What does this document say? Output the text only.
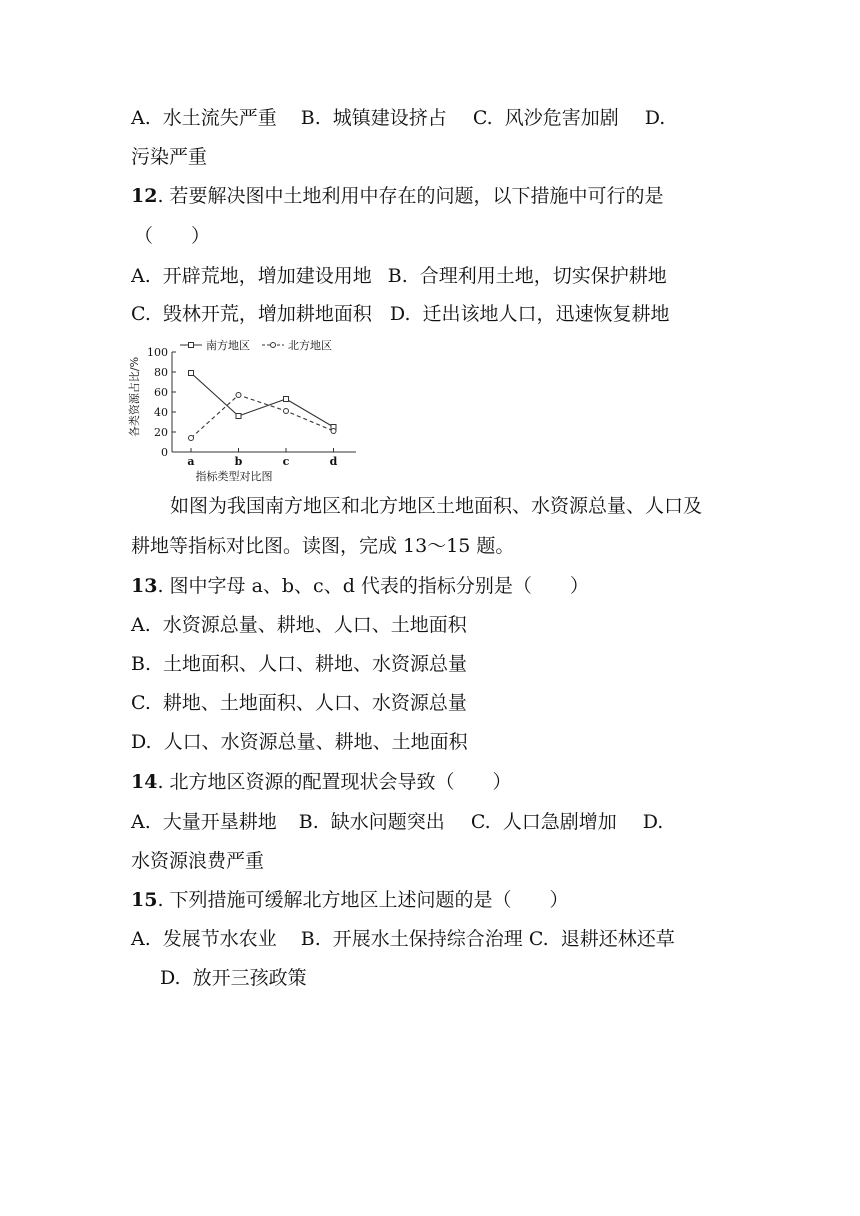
A. 水土流失严重 B. 城镇建设挤占 C. 风沙危害加剧 D.
污染严重
12. 若要解决图中土地利用中存在的问题，以下措施中可行的是
（　　）
A. 开辟荒地，增加建设用地 B. 合理利用土地，切实保护耕地
C. 毁林开荒，增加耕地面积 D. 迁出该地人口，迅速恢复耕地
0
20
40
60
80
100
a	b	c	d
南方地区	北方地区
各类资源占比/%
指标类型对比图
如图为我国南方地区和北方地区土地面积、水资源总量、人口及
耕地等指标对比图。读图，完成 13～15 题。
13. 图中字母 a、b、c、d 代表的指标分别是（　　）
A. 水资源总量、耕地、人口、土地面积
B. 土地面积、人口、耕地、水资源总量
C. 耕地、土地面积、人口、水资源总量
D. 人口、水资源总量、耕地、土地面积
14. 北方地区资源的配置现状会导致（　　）
A. 大量开垦耕地 B. 缺水问题突出 C. 人口急剧增加 D.
水资源浪费严重
15. 下列措施可缓解北方地区上述问题的是（　　）
A. 发展节水农业 B. 开展水土保持综合治理 C. 退耕还林还草
D. 放开三孩政策
